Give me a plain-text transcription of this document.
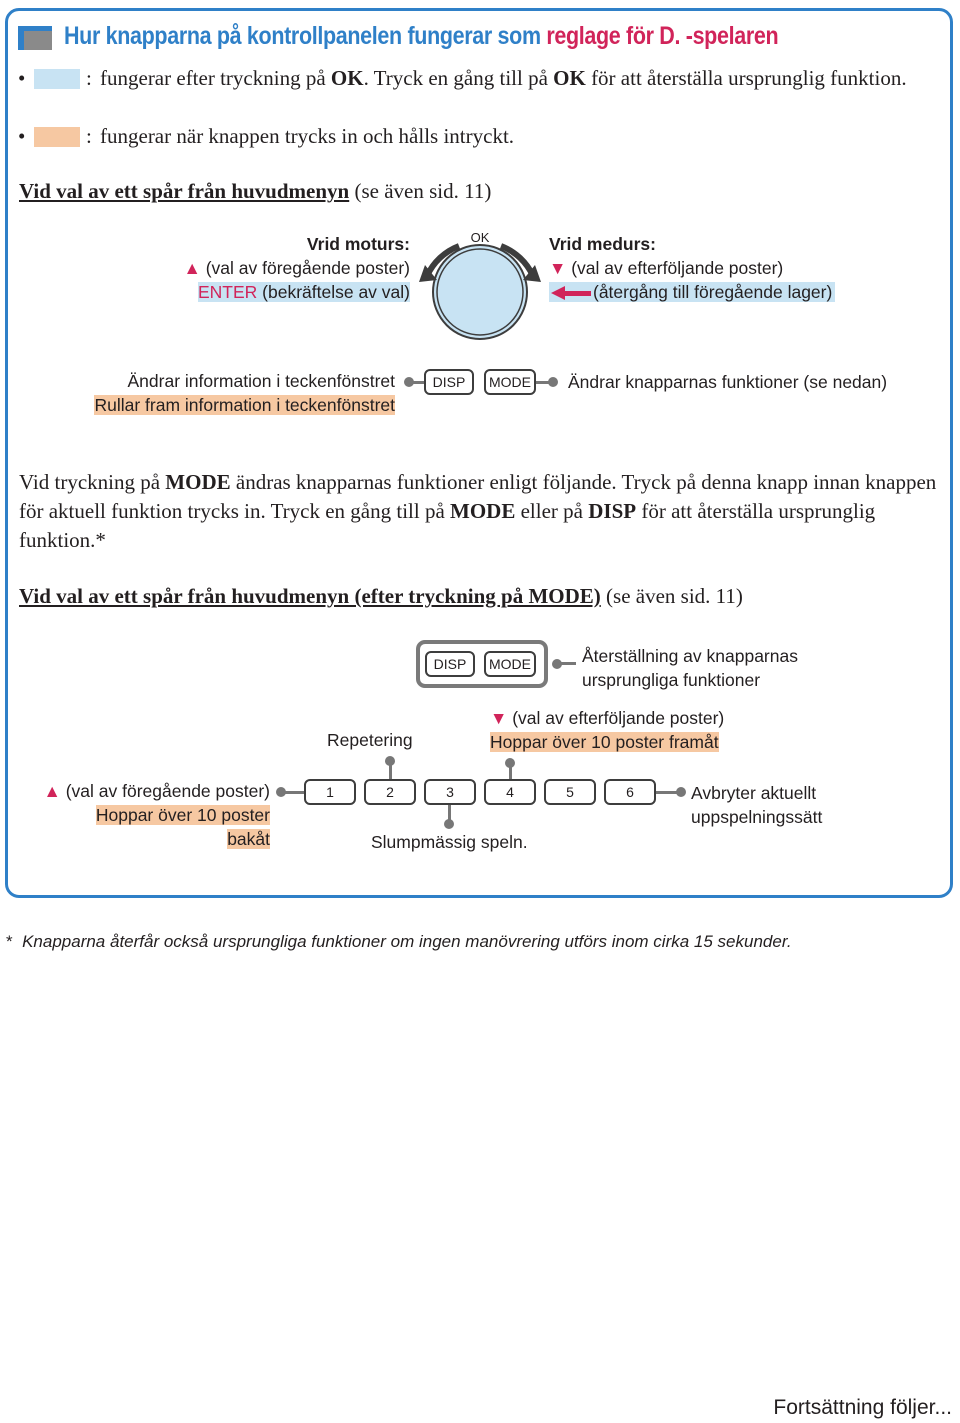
Hur knapparna på kontrollpanelen fungerar som reglage för D. -spelaren
•	: fungerar efter tryckning på OK. Tryck en gång till på OK för att återställa ursprunglig funktion.
•	: fungerar när knappen trycks in och hålls intryckt.
Vid val av ett spår från huvudmenyn (se även sid. 11)
Vrid moturs:
▲ (val av föregående poster)
ENTER (bekräftelse av val)
Vrid medurs:
▼ (val av efterföljande poster)
(återgång till föregående lager)
OK
Ändrar information i teckenfönstret
Rullar fram information i teckenfönstret
DISP	MODE Ändrar knapparnas funktioner (se nedan)
Vid tryckning på MODE ändras knapparnas funktioner enligt följande. Tryck på denna knapp innan knappen för aktuell funktion trycks in. Tryck en gång till på MODE eller på DISP för att återställa ursprunglig funktion.*
Vid val av ett spår från huvudmenyn (efter tryckning på MODE) (se även sid. 11)
DISP	MODE	Återställning av knapparnas
ursprungliga funktioner
Repetering
▼ (val av efterföljande poster)
Hoppar över 10 poster framåt
▲ (val av föregående poster)
Hoppar över 10 poster
bakåt
1	2	3	4	5	6
Slumpmässig speln.
Avbryter aktuellt
uppspelningssätt
* Knapparna återfår också ursprungliga funktioner om ingen manövrering utförs inom cirka 15 sekunder.
Fortsättning följer...
